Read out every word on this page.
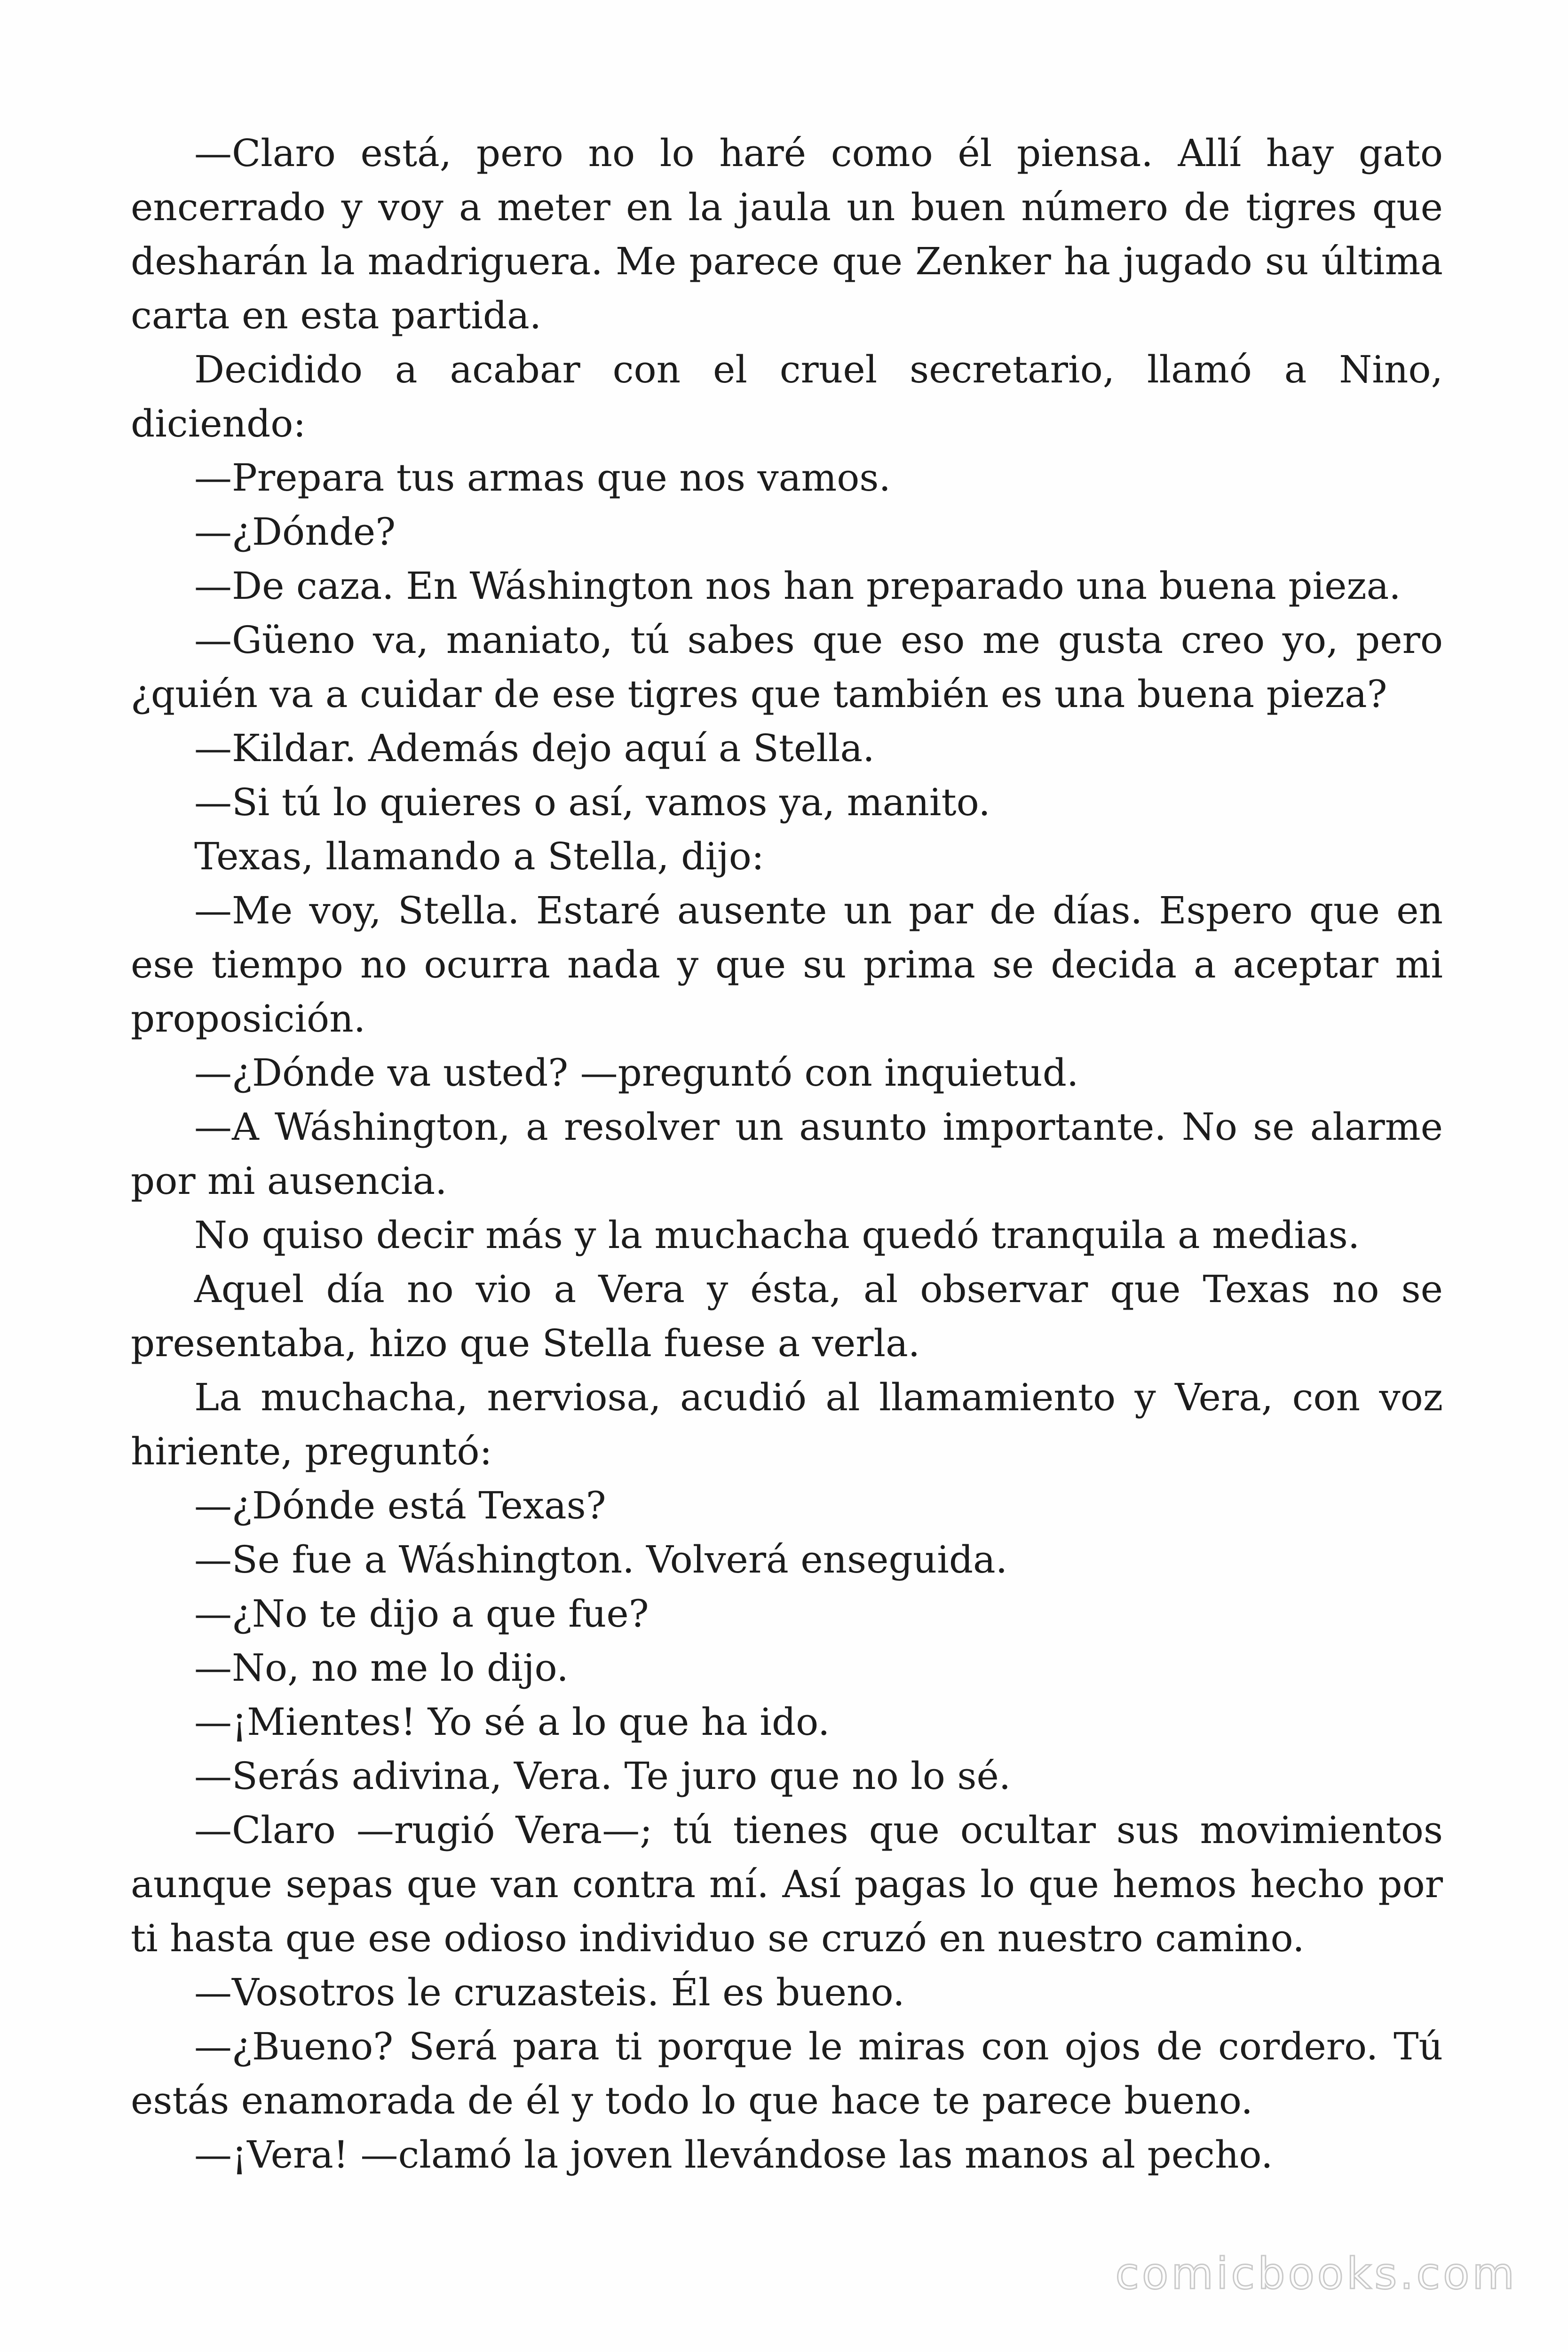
—Claro está, pero no lo haré como él piensa. Allí hay gato encerrado y voy a meter en la jaula un buen número de tigres que desharán la madriguera. Me parece que Zenker ha jugado su última carta en esta partida.

Decidido a acabar con el cruel secretario, llamó a Nino, diciendo:

—Prepara tus armas que nos vamos.

—¿Dónde?

—De caza. En Wáshington nos han preparado una buena pieza.

—Güeno va, maniato, tú sabes que eso me gusta creo yo, pero ¿quién va a cuidar de ese tigres que también es una buena pieza?

—Kildar. Además dejo aquí a Stella.

—Si tú lo quieres o así, vamos ya, manito.

Texas, llamando a Stella, dijo:

—Me voy, Stella. Estaré ausente un par de días. Espero que en ese tiempo no ocurra nada y que su prima se decida a aceptar mi proposición.

—¿Dónde va usted? —preguntó con inquietud.

—A Wáshington, a resolver un asunto importante. No se alarme por mi ausencia.

No quiso decir más y la muchacha quedó tranquila a medias.

Aquel día no vio a Vera y ésta, al observar que Texas no se presentaba, hizo que Stella fuese a verla.

La muchacha, nerviosa, acudió al llamamiento y Vera, con voz hiriente, preguntó:

—¿Dónde está Texas?

—Se fue a Wáshington. Volverá enseguida.

—¿No te dijo a que fue?

—No, no me lo dijo.

—¡Mientes! Yo sé a lo que ha ido.

—Serás adivina, Vera. Te juro que no lo sé.

—Claro —rugió Vera—; tú tienes que ocultar sus movimientos aunque sepas que van contra mí. Así pagas lo que hemos hecho por ti hasta que ese odioso individuo se cruzó en nuestro camino.

—Vosotros le cruzasteis. Él es bueno.

—¿Bueno? Será para ti porque le miras con ojos de cordero. Tú estás enamorada de él y todo lo que hace te parece bueno.

—¡Vera! —clamó la joven llevándose las manos al pecho.

comicbooks.com
